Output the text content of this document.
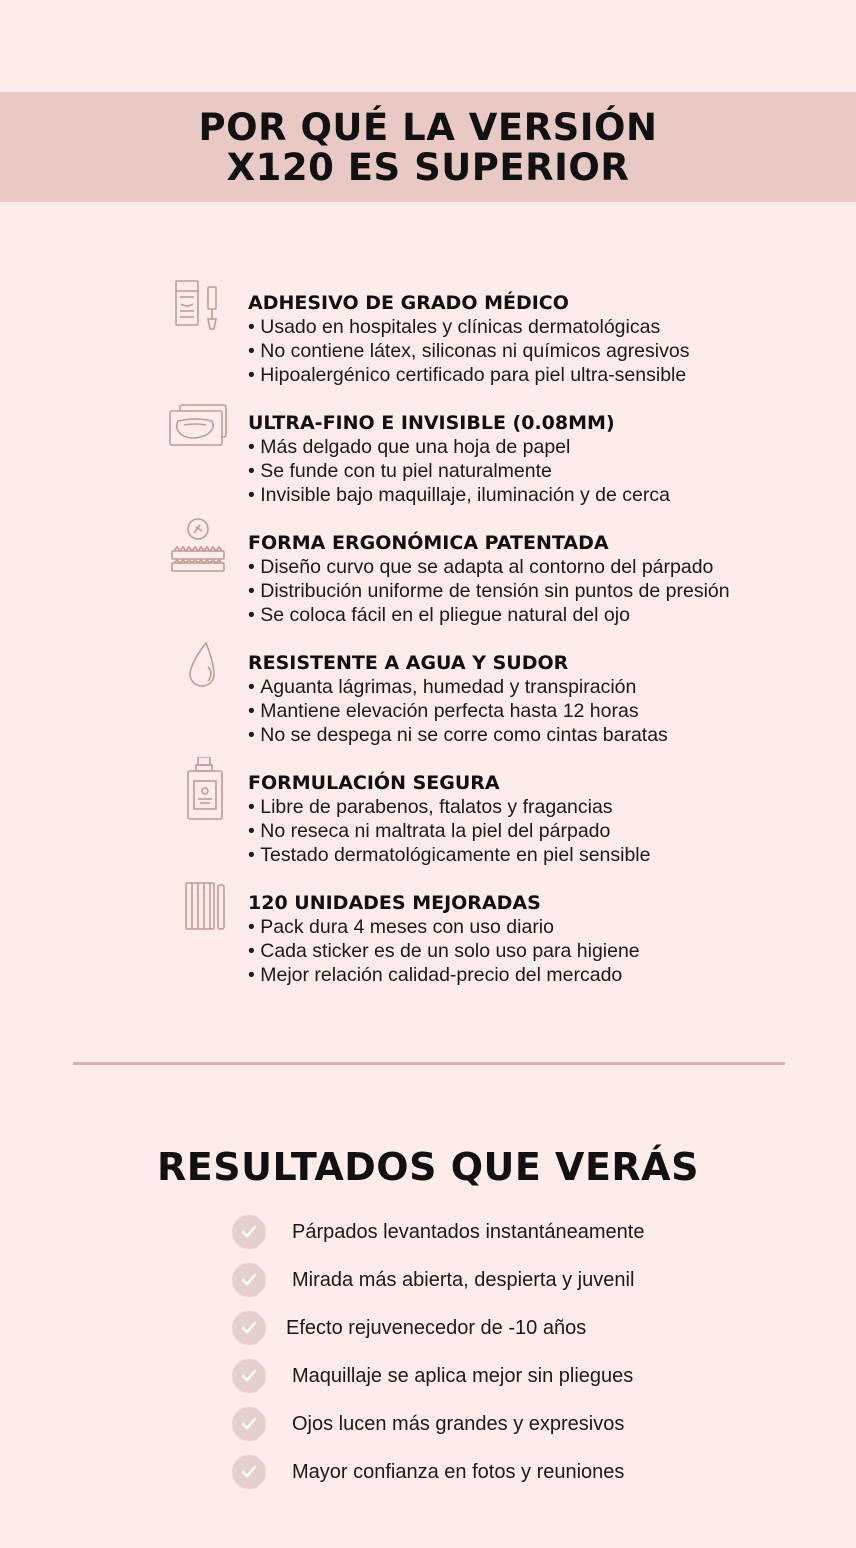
POR QUÉ LA VERSIÓN
X120 ES SUPERIOR
ADHESIVO DE GRADO MÉDICO
• Usado en hospitales y clínicas dermatológicas
• No contiene látex, siliconas ni químicos agresivos
• Hipoalergénico certificado para piel ultra-sensible
ULTRA-FINO E INVISIBLE (0.08MM)
• Más delgado que una hoja de papel
• Se funde con tu piel naturalmente
• Invisible bajo maquillaje, iluminación y de cerca
FORMA ERGONÓMICA PATENTADA
• Diseño curvo que se adapta al contorno del párpado
• Distribución uniforme de tensión sin puntos de presión
• Se coloca fácil en el pliegue natural del ojo
RESISTENTE A AGUA Y SUDOR
• Aguanta lágrimas, humedad y transpiración
• Mantiene elevación perfecta hasta 12 horas
• No se despega ni se corre como cintas baratas
FORMULACIÓN SEGURA
• Libre de parabenos, ftalatos y fragancias
• No reseca ni maltrata la piel del párpado
• Testado dermatológicamente en piel sensible
120 UNIDADES MEJORADAS
• Pack dura 4 meses con uso diario
• Cada sticker es de un solo uso para higiene
• Mejor relación calidad-precio del mercado
RESULTADOS QUE VERÁS
Párpados levantados instantáneamente
Mirada más abierta, despierta y juvenil
Efecto rejuvenecedor de -10 años
Maquillaje se aplica mejor sin pliegues
Ojos lucen más grandes y expresivos
Mayor confianza en fotos y reuniones
